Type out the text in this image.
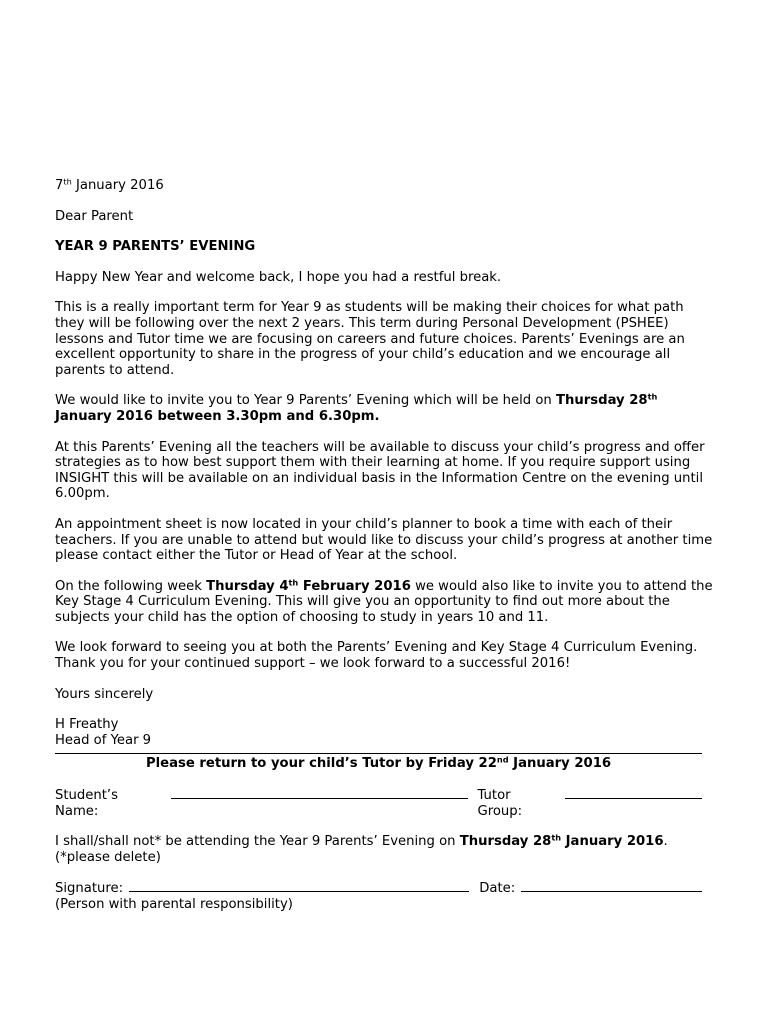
7th January 2016

Dear Parent

YEAR 9 PARENTS’ EVENING

Happy New Year and welcome back, I hope you had a restful break.

This is a really important term for Year 9 as students will be making their choices for what path they will be following over the next 2 years. This term during Personal Development (PSHEE) lessons and Tutor time we are focusing on careers and future choices. Parents’ Evenings are an excellent opportunity to share in the progress of your child’s education and we encourage all parents to attend.

We would like to invite you to Year 9 Parents’ Evening which will be held on Thursday 28th January 2016 between 3.30pm and 6.30pm.

At this Parents’ Evening all the teachers will be available to discuss your child’s progress and offer strategies as to how best support them with their learning at home. If you require support using INSIGHT this will be available on an individual basis in the Information Centre on the evening until 6.00pm.

An appointment sheet is now located in your child’s planner to book a time with each of their teachers. If you are unable to attend but would like to discuss your child’s progress at another time please contact either the Tutor or Head of Year at the school.

On the following week Thursday 4th February 2016 we would also like to invite you to attend the Key Stage 4 Curriculum Evening. This will give you an opportunity to find out more about the subjects your child has the option of choosing to study in years 10 and 11.

We look forward to seeing you at both the Parents’ Evening and Key Stage 4 Curriculum Evening. Thank you for your continued support – we look forward to a successful 2016!

Yours sincerely

H Freathy
Head of Year 9

Please return to your child’s Tutor by Friday 22nd January 2016
Student’s Name:
Tutor Group:

I shall/shall not* be attending the Year 9 Parents’ Evening on Thursday 28th January 2016.
(*please delete)

Signature:	Date:
(Person with parental responsibility)
